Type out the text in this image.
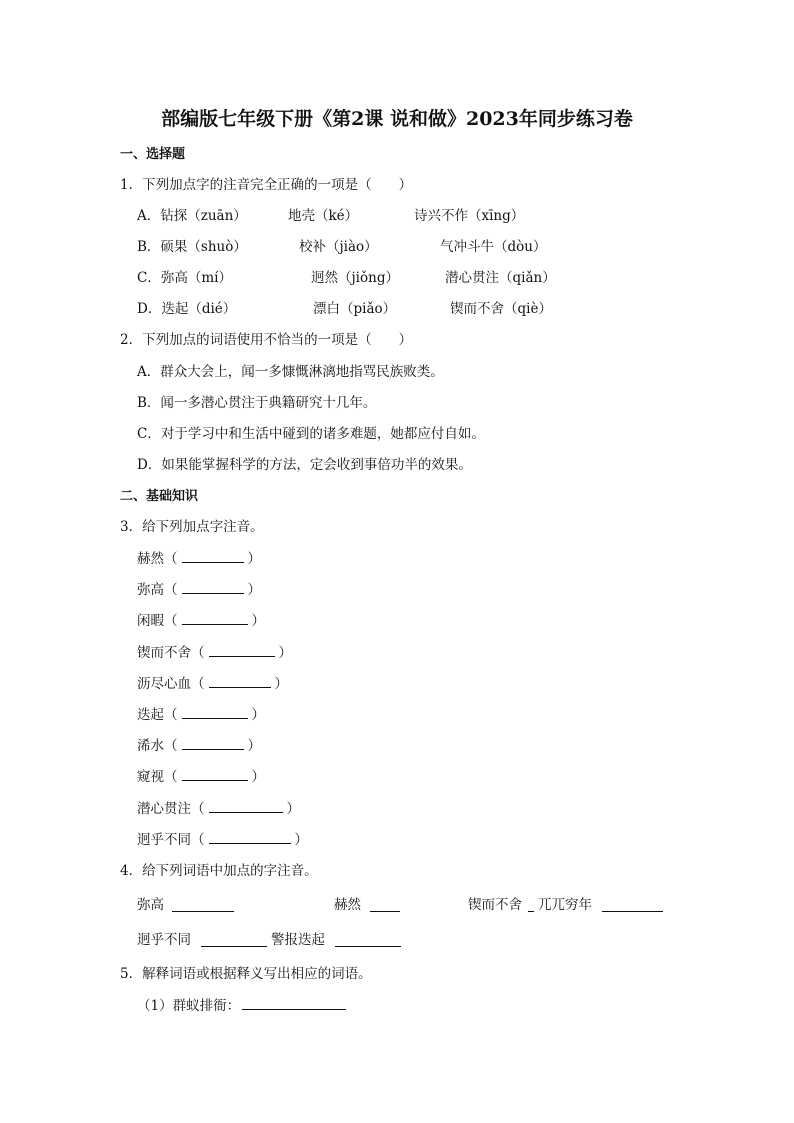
部编版七年级下册《第2课 说和做》2023年同步练习卷
一、选择题
1．下列加点字的注音完全正确的一项是（　　）
A．钻探（zuān）	地壳（ké）	诗兴不作（xīng）
B．硕果（shuò）	校补（jiào）	气冲斗牛（dòu）
C．弥高（mí）	迥然（jiǒng）	潜心贯注（qiǎn）
D．迭起（dié）	漂白（piǎo）	锲而不舍（qiè）
2．下列加点的词语使用不恰当的一项是（　　）
A．群众大会上，闻一多慷慨淋漓地指骂民族败类。
B．闻一多潜心贯注于典籍研究十几年。
C．对于学习中和生活中碰到的诸多难题，她都应付自如。
D．如果能掌握科学的方法，定会收到事倍功半的效果。
二、基础知识
3．给下列加点字注音。
赫然（	）
弥高（	）
闲暇（	）
锲而不舍（	）
沥尽心血（	）
迭起（	）
浠水（	）
窥视（	）
潜心贯注（	）
迥乎不同（	）
4．给下列词语中加点的字注音。
弥高	赫然	锲而不舍 兀兀穷年
迥乎不同	警报迭起
5．解释词语或根据释义写出相应的词语。
（1）群蚁排衙：
